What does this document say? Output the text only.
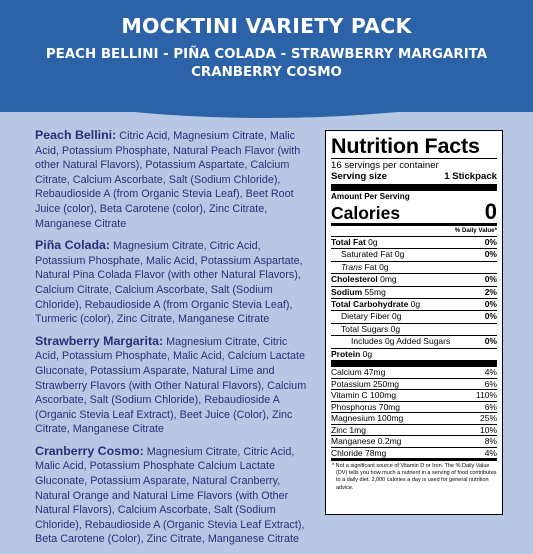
MOCKTINI VARIETY PACK
PEACH BELLINI - PIÑA COLADA - STRAWBERRY MARGARITA
CRANBERRY COSMO

Peach Bellini: Citric Acid, Magnesium Citrate, Malic Acid, Potassium Phosphate, Natural Peach Flavor (with other Natural Flavors), Potassium Aspartate, Calcium Citrate, Calcium Ascorbate, Salt (Sodium Chloride), Rebaudioside A (from Organic Stevia Leaf), Beet Root Juice (color), Beta Carotene (color), Zinc Citrate, Manganese Citrate

Piña Colada: Magnesium Citrate, Citric Acid, Potassium Phosphate, Malic Acid, Potassium Aspartate, Natural Pina Colada Flavor (with other Natural Flavors), Calcium Citrate, Calcium Ascorbate, Salt (Sodium Chloride), Rebaudioside A (from Organic Stevia Leaf), Turmeric (color), Zinc Citrate, Manganese Citrate

Strawberry Margarita: Magnesium Citrate, Citric Acid, Potassium Phosphate, Malic Acid, Calcium Lactate Gluconate, Potassium Asparate, Natural Lime and Strawberry Flavors (with Other Natural Flavors), Calcium Ascorbate, Salt (Sodium Chloride), Rebaudioside A (Organic Stevia Leaf Extract), Beet Juice (Color), Zinc Citrate, Manganese Citrate

Cranberry Cosmo: Magnesium Citrate, Citric Acid, Malic Acid, Potassium Phosphate Calcium Lactate Gluconate, Potassium Asparate, Natural Cranberry, Natural Orange and Natural Lime Flavors (with Other Natural Flavors), Calcium Ascorbate, Salt (Sodium Chloride), Rebaudioside A (Organic Stevia Leaf Extract), Beta Carotene (Color), Zinc Citrate, Manganese Citrate

Nutrition Facts
16 servings per container
Serving size	1 Stickpack
Amount Per Serving
Calories	0
% Daily Value*
Total Fat 0g	0%
Saturated Fat 0g	0%
Trans Fat 0g
Cholesterol 0mg	0%
Sodium 55mg	2%
Total Carbohydrate 0g	0%
Dietary Fiber 0g	0%
Total Sugars 0g
Includes 0g Added Sugars	0%
Protein 0g
Calcium 47mg	4%
Potassium 250mg	6%
Vitamin C 100mg	110%
Phosphorus 70mg	6%
Magnesium 100mg	25%
Zinc 1mg	10%
Manganese 0.2mg	8%
Chloride 78mg	4%
* Not a significant source of Vitamin D or Iron. The % Daily Value (DV) tells you how much a nutrient in a serving of food contributes to a daily diet. 2,000 calories a day is used for general nutrition advice.
